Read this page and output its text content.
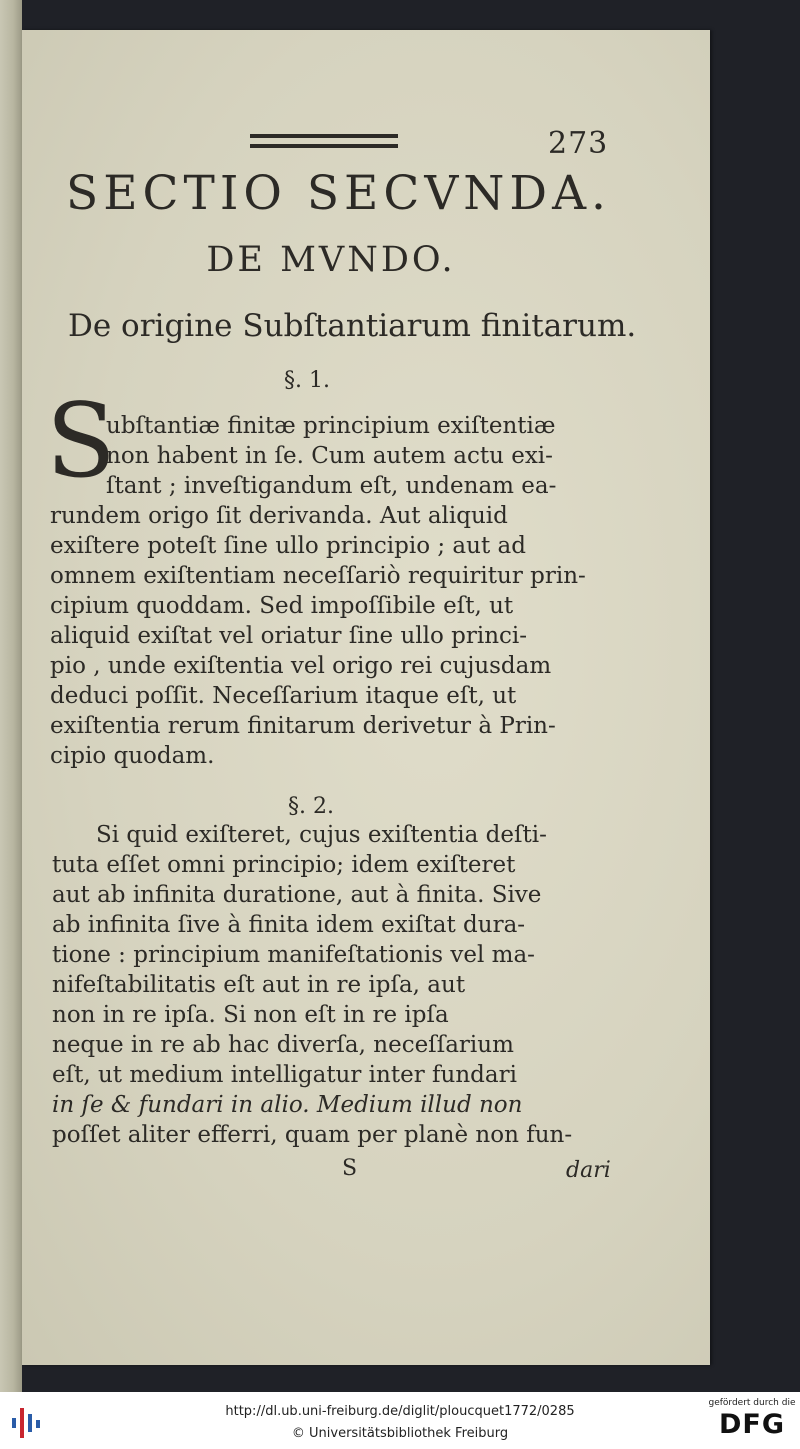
273
SECTIO SECVNDA.
DE MVNDO.
De origine Subſtantiarum finitarum.
§. 1.
S
ubſtantiæ finitæ principium exiſtentiæ
non habent in ſe. Cum autem actu exi-
ſtant ; inveſtigandum eſt, undenam ea-
rundem origo ſit derivanda. Aut aliquid
exiſtere poteſt ſine ullo principio ; aut ad
omnem exiſtentiam neceſſariò requiritur prin-
cipium quoddam. Sed impoſſibile eſt, ut
aliquid exiſtat vel oriatur ſine ullo princi-
pio , unde exiſtentia vel origo rei cujusdam
deduci poſſit. Neceſſarium itaque eſt, ut
exiſtentia rerum finitarum derivetur à Prin-
cipio quodam.
§. 2.
Si quid exiſteret, cujus exiſtentia deſti-
tuta eſſet omni principio; idem exiſteret
aut ab infinita duratione, aut à finita. Sive
ab infinita ſive à finita idem exiſtat dura-
tione : principium manifeſtationis vel ma-
nifeſtabilitatis eſt aut in re ipſa, aut
non in re ipſa. Si non eſt in re ipſa
neque in re ab hac diverſa, neceſſarium
eſt, ut medium intelligatur inter fundari
in ſe & fundari in alio. Medium illud non
poſſet aliter efferri, quam per planè non fun-
S	dari
http://dl.ub.uni-freiburg.de/diglit/ploucquet1772/0285
© Universitätsbibliothek Freiburg
gefördert durch die
DFG
